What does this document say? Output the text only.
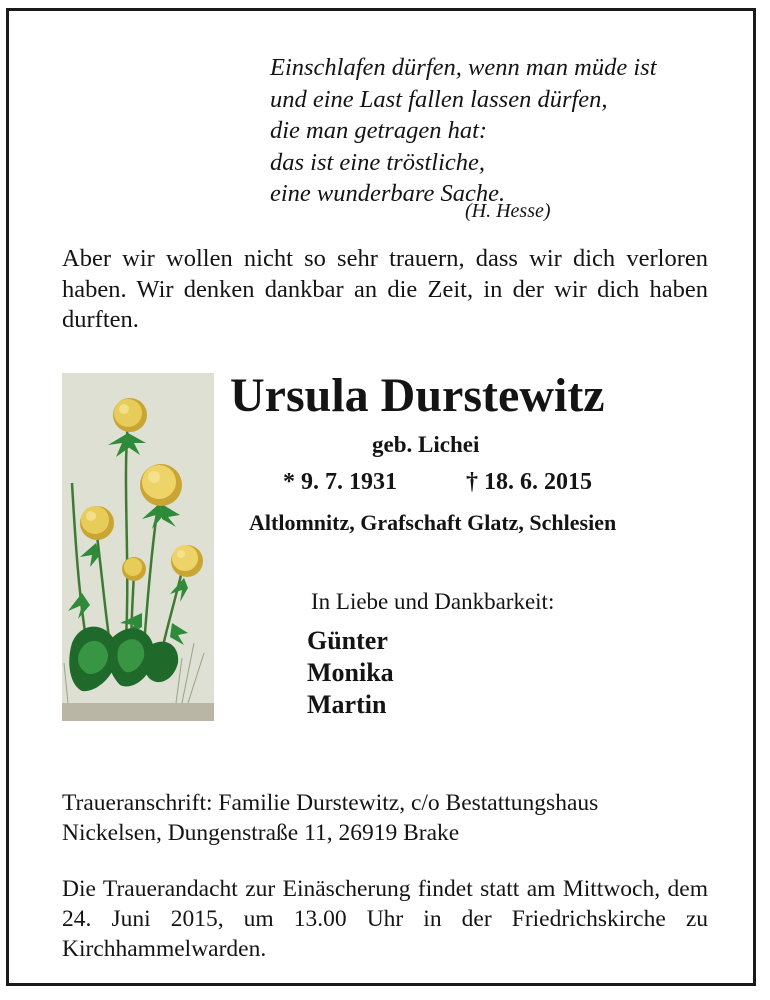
Einschlafen dürfen, wenn man müde ist
und eine Last fallen lassen dürfen,
die man getragen hat:
das ist eine tröstliche,
eine wunderbare Sache.
(H. Hesse)
Aber wir wollen nicht so sehr trauern, dass wir dich verloren haben. Wir denken dankbar an die Zeit, in der wir dich haben durften.
Ursula Durstewitz
geb. Lichei
* 9. 7. 1931	† 18. 6. 2015
Altlomnitz, Grafschaft Glatz, Schlesien
In Liebe und Dankbarkeit:
Günter
Monika
Martin
Traueranschrift: Familie Durstewitz, c/o Bestattungshaus
Nickelsen, Dungenstraße 11, 26919 Brake
Die Trauerandacht zur Einäscherung findet statt am Mittwoch, dem 24. Juni 2015, um 13.00 Uhr in der Friedrichskirche zu Kirchhammelwarden.
